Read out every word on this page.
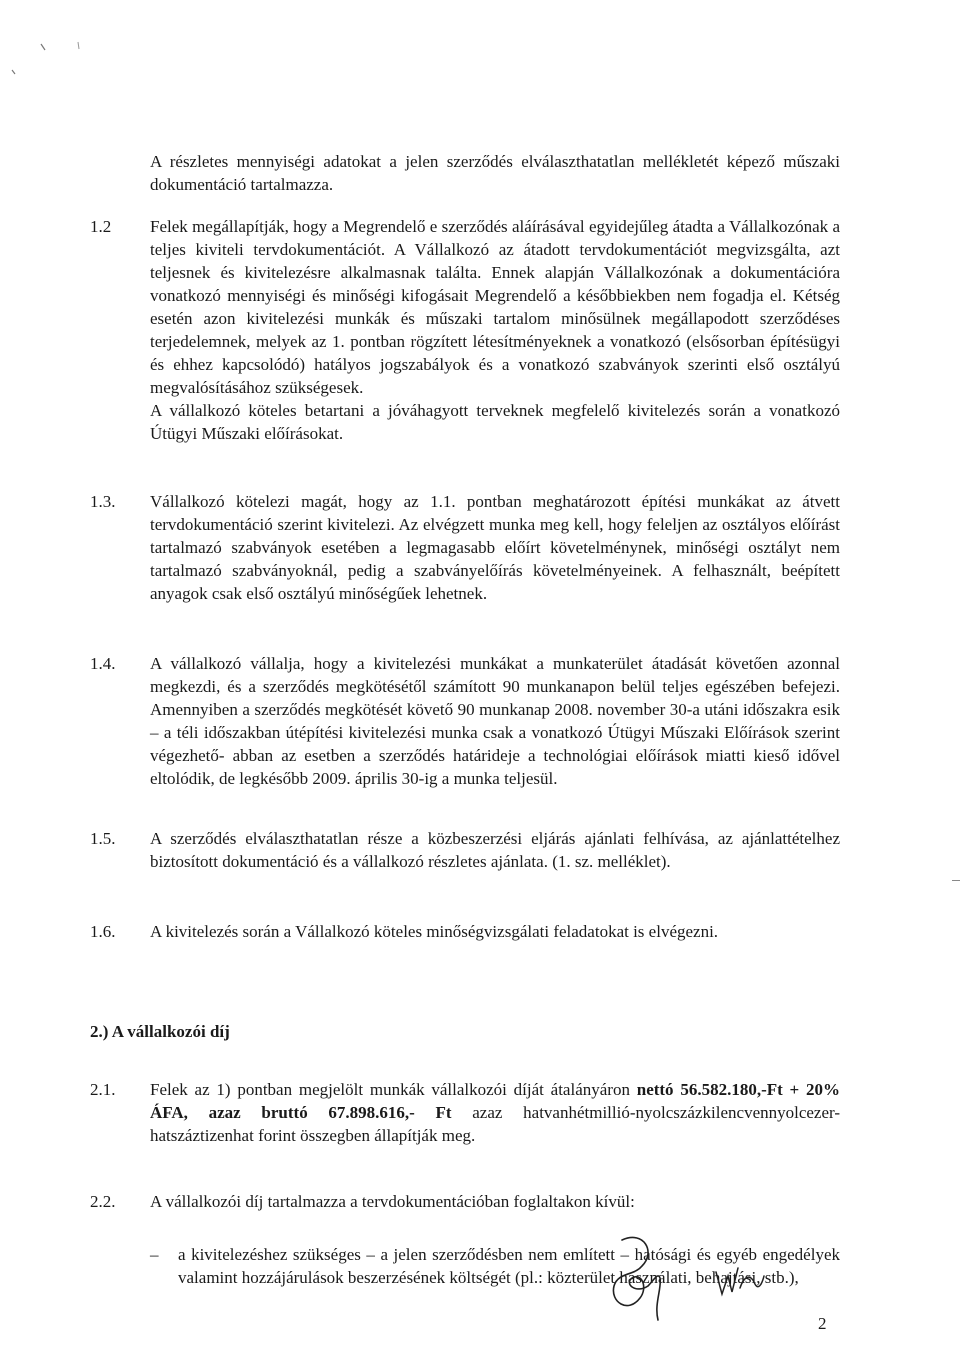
A részletes mennyiségi adatokat a jelen szerződés elválaszthatatlan mellékletét képező műszaki dokumentáció tartalmazza.

1.2	Felek megállapítják, hogy a Megrendelő e szerződés aláírásával egyidejűleg átadta a Vállalkozónak a teljes kiviteli tervdokumentációt. A Vállalkozó az átadott tervdokumentációt megvizsgálta, azt teljesnek és kivitelezésre alkalmasnak találta. Ennek alapján Vállalkozónak a dokumentációra vonatkozó mennyiségi és minőségi kifogásait Megrendelő a későbbiekben nem fogadja el. Kétség esetén azon kivitelezési munkák és műszaki tartalom minősülnek megállapodott szerződéses terjedelemnek, melyek az 1. pontban rögzített létesítményeknek a vonatkozó (elsősorban építésügyi és ehhez kapcsolódó) hatályos jogszabályok és a vonatkozó szabványok szerinti első osztályú megvalósításához szükségesek.

A vállalkozó köteles betartani a jóváhagyott terveknek megfelelő kivitelezés során a vonatkozó Útügyi Műszaki előírásokat.

1.3.	Vállalkozó kötelezi magát, hogy az 1.1. pontban meghatározott építési munkákat az átvett tervdokumentáció szerint kivitelezi. Az elvégzett munka meg kell, hogy feleljen az osztályos előírást tartalmazó szabványok esetében a legmagasabb előírt követelménynek, minőségi osztályt nem tartalmazó szabványoknál, pedig a szabványelőírás követelményeinek. A felhasznált, beépített anyagok csak első osztályú minőségűek lehetnek.

1.4.	A vállalkozó vállalja, hogy a kivitelezési munkákat a munkaterület átadását követően azonnal megkezdi, és a szerződés megkötésétől számított 90 munkanapon belül teljes egészében befejezi. Amennyiben a szerződés megkötését követő 90 munkanap 2008. november 30-a utáni időszakra esik – a téli időszakban útépítési kivitelezési munka csak a vonatkozó Útügyi Műszaki Előírások szerint végezhető- abban az esetben a szerződés határideje a technológiai előírások miatti kieső idővel eltolódik, de legkésőbb 2009. április 30-ig a munka teljesül.

1.5.	A szerződés elválaszthatatlan része a közbeszerzési eljárás ajánlati felhívása, az ajánlattételhez biztosított dokumentáció és a vállalkozó részletes ajánlata. (1. sz. melléklet).

1.6.	A kivitelezés során a Vállalkozó köteles minőségvizsgálati feladatokat is elvégezni.

2.) A vállalkozói díj
2.1.	Felek az 1) pontban megjelölt munkák vállalkozói díját átalányáron nettó 56.582.180,-Ft + 20% ÁFA, azaz bruttó 67.898.616,- Ft azaz hatvanhétmillió-nyolcszázkilencvennyolcezer-hatszáztizenhat forint összegben állapítják meg.

2.2.	A vállalkozói díj tartalmazza a tervdokumentációban foglaltakon kívül:

– a kivitelezéshez szükséges – a jelen szerződésben nem említett – hatósági és egyéb engedélyek valamint hozzájárulások beszerzésének költségét (pl.: közterület használati, behajtási, stb.),
2
